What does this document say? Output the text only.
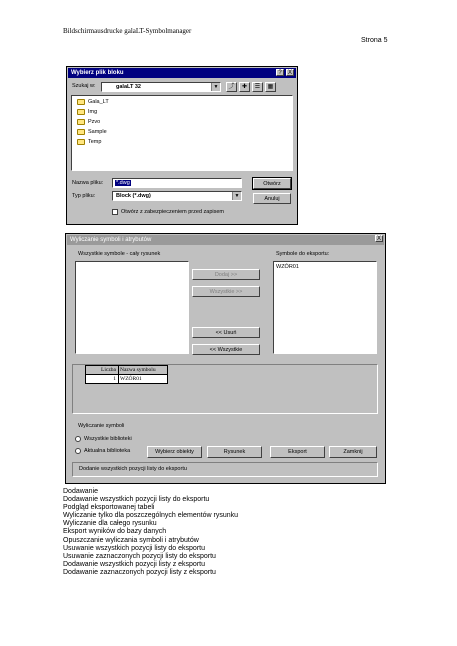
Bildschirmausdrucke galaLT-Symbolmanager
Strona 5
Wybierz plik bloku	?	X
Szukaj w:	galaLT 32	▼	⤴	✚	☰	▦
Gala_LT
Img
Pzvo
Sample
Temp
Nazwa pliku:	*.dwg
Typ pliku:	Block (*.dwg)	▼
Otwórz
Anuluj
Otwórz z zabezpieczeniem przed zapisem
Wyliczanie symboli i atrybutów	X
Wszystkie symbole - cały rysunek	Symbole do eksportu:
WZÓR01
Dodaj >>
Wszystkie >>
<< Usuń
<< Wszystkie
Liczba Nazwa symbolu
1 WZÓR01
Wyliczanie symboli
Wszystkie biblioteki
Aktualna biblioteka	Wybierz obiekty	Rysunek	Eksport	Zamknij
Dodanie wszystkich pozycji listy do eksportu
Dodawanie
Dodawanie wszystkich pozycji listy do eksportu
Podgląd eksportowanej tabeli
Wyliczanie tylko dla poszczególnych elementów rysunku
Wyliczanie dla całego rysunku
Eksport wyników do bazy danych
Opuszczanie wyliczania symboli i atrybutów
Usuwanie wszystkich pozycji listy do eksportu
Usuwanie zaznaczonych pozycji listy do eksportu
Dodawanie wszystkich pozycji listy z eksportu
Dodawanie zaznaczonych pozycji listy z eksportu
